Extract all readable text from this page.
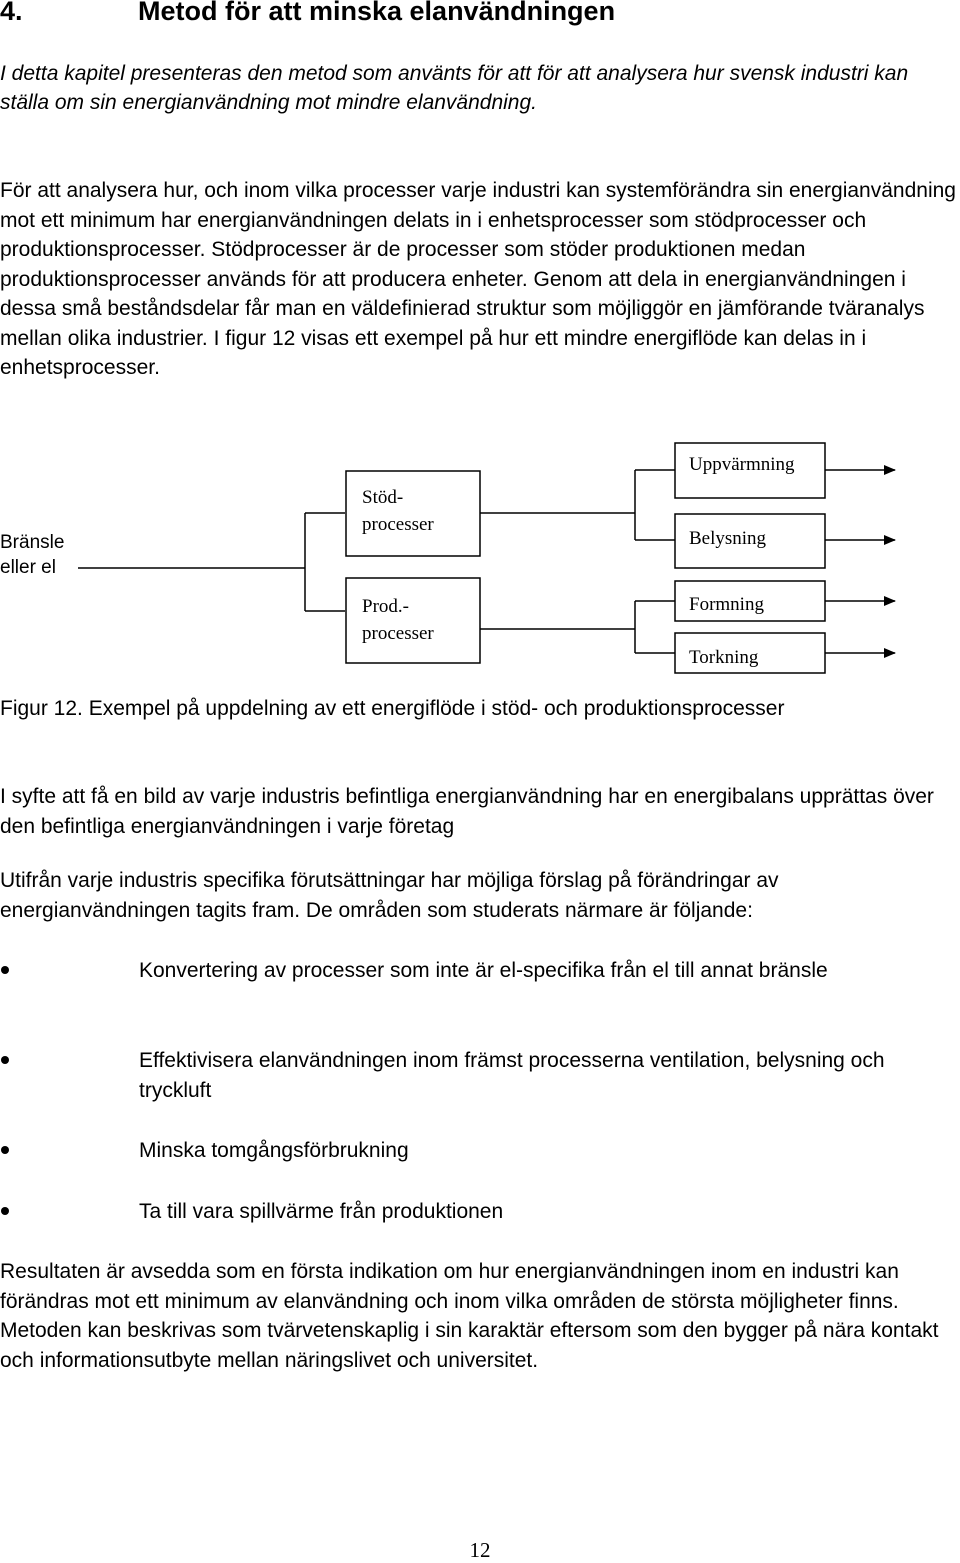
4.	Metod för att minska elanvändningen

I detta kapitel presenteras den metod som använts för att för att analysera hur svensk industri kan ställa om sin energianvändning mot mindre elanvändning.

För att analysera hur, och inom vilka processer varje industri kan systemförändra sin energianvändning mot ett minimum har energianvändningen delats in i enhetsprocesser som stödprocesser och produktionsprocesser. Stödprocesser är de processer som stöder produktionen medan produktionsprocesser används för att producera enheter. Genom att dela in energianvändningen i dessa små beståndsdelar får man en väldefinierad struktur som möjliggör en jämförande tväranalys mellan olika industrier. I figur 12 visas ett exempel på hur ett mindre energiflöde kan delas in i enhetsprocesser.

Bränsle eller el

Stöd- processer

Prod.- processer

Uppvärmning

Belysning

Formning

Torkning

Figur 12. Exempel på uppdelning av ett energiflöde i stöd- och produktionsprocesser

I syfte att få en bild av varje industris befintliga energianvändning har en energibalans upprättas över den befintliga energianvändningen i varje företag

Utifrån varje industris specifika förutsättningar har möjliga förslag på förändringar av energianvändningen tagits fram. De områden som studerats närmare är följande:

Konvertering av processer som inte är el-specifika från el till annat bränsle
Effektivisera elanvändningen inom främst processerna ventilation, belysning och tryckluft
Minska tomgångsförbrukning
Ta till vara spillvärme från produktionen

Resultaten är avsedda som en första indikation om hur energianvändningen inom en industri kan förändras mot ett minimum av elanvändning och inom vilka områden de största möjligheter finns. Metoden kan beskrivas som tvärvetenskaplig i sin karaktär eftersom som den bygger på nära kontakt och informationsutbyte mellan näringslivet och universitet.

12
